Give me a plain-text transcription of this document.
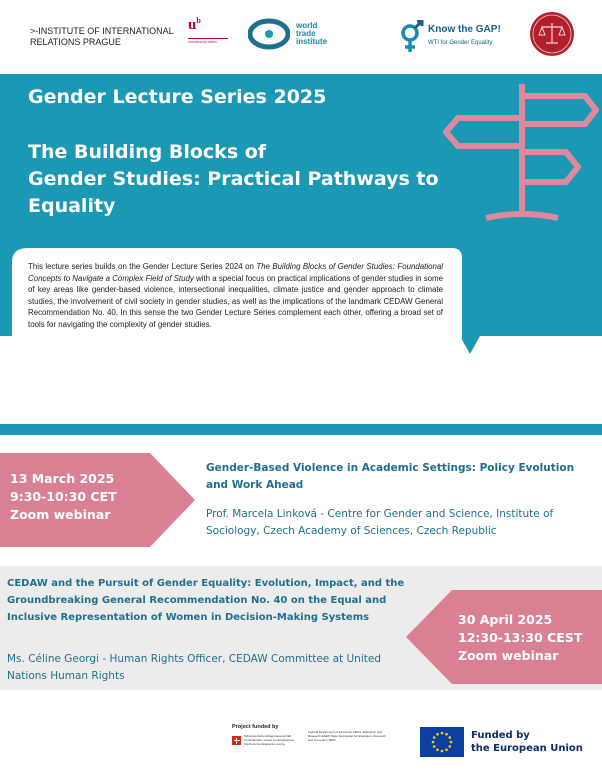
>-INSTITUTE OF INTERNATIONAL
RELATIONS PRAGUE
$u^b$
UNIVERSITÄT BERN
world
trade
institute
Know the GAP!
WTI for Gender Equality
Gender Lecture Series 2025
The Building Blocks of
Gender Studies: Practical Pathways to
Equality
This lecture series builds on the Gender Lecture Series 2024 on The Building Blocks of Gender Studies: Foundational Concepts to Navigate a Complex Field of Study with a special focus on practical implications of gender studies in some of key areas like gender-based violence, intersectional inequalities, climate justice and gender approach to climate studies, the involvement of civil society in gender studies, as well as the implications of the landmark CEDAW General Recommendation No. 40. In this sense the two Gender Lecture Series complement each other, offering a broad set of tools for navigating the complexity of gender studies.
13 March 2025
9:30-10:30 CET
Zoom webinar
Gender-Based Violence in Academic Settings: Policy Evolution and Work Ahead
Prof. Marcela Linková - Centre for Gender and Science, Institute of Sociology, Czech Academy of Sciences, Czech Republic
CEDAW and the Pursuit of Gender Equality: Evolution, Impact, and the Groundbreaking General Recommendation No. 40 on the Equal and Inclusive Representation of Women in Decision-Making Systems
Ms. Céline Georgi - Human Rights Officer, CEDAW Committee at United Nations Human Rights
30 April 2025
12:30-13:30 CEST
Zoom webinar
Project funded by
Schweizerische Eidgenossenschaft Confédération suisse Confederazione Svizzera Confederaziun svizra
Federal Department of Economic Affairs, Education and Research EAER State Secretariat for Education, Research and Innovation SERI	Funded by
the European Union
